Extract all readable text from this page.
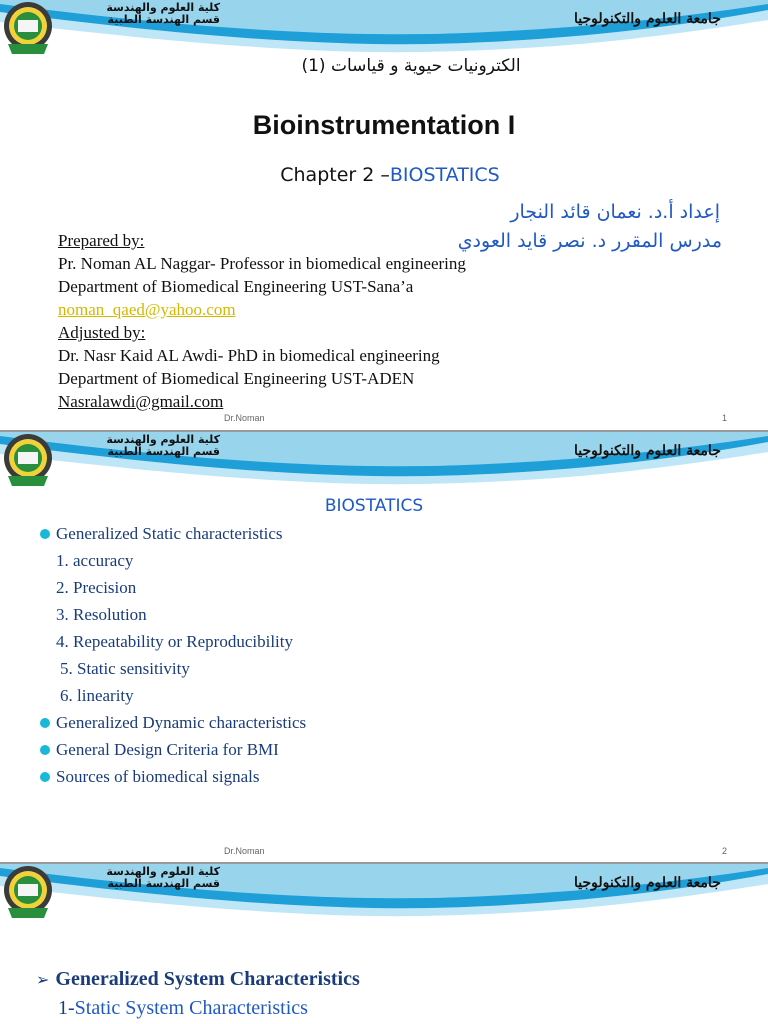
كلية العلوم والهندسة
قسم الهندسة الطبية	جامعة العلوم والتكنولوجيا
الكترونيات حيوية و قياسات (1)
Bioinstrumentation I
Chapter 2 –BIOSTATICS
إعداد أ.د. نعمان قائد النجار
مدرس المقرر د. نصر قايد العودي
Prepared by:
Pr. Noman AL Naggar- Professor in biomedical engineering
Department of Biomedical Engineering UST-Sana’a
noman_qaed@yahoo.com
Adjusted by:
Dr. Nasr Kaid AL Awdi- PhD in biomedical engineering
Department of Biomedical Engineering UST-ADEN
Nasralawdi@gmail.com
Dr.Noman	1
كلية العلوم والهندسة
قسم الهندسة الطبية	جامعة العلوم والتكنولوجيا
BIOSTATICS
Generalized Static characteristics
1. accuracy
2. Precision
3. Resolution
4. Repeatability or Reproducibility
5. Static sensitivity
6. linearity
Generalized Dynamic characteristics
General Design Criteria for BMI
Sources of biomedical signals
Dr.Noman	2
كلية العلوم والهندسة
قسم الهندسة الطبية	جامعة العلوم والتكنولوجيا
➢ Generalized System Characteristics
1-Static System Characteristics
